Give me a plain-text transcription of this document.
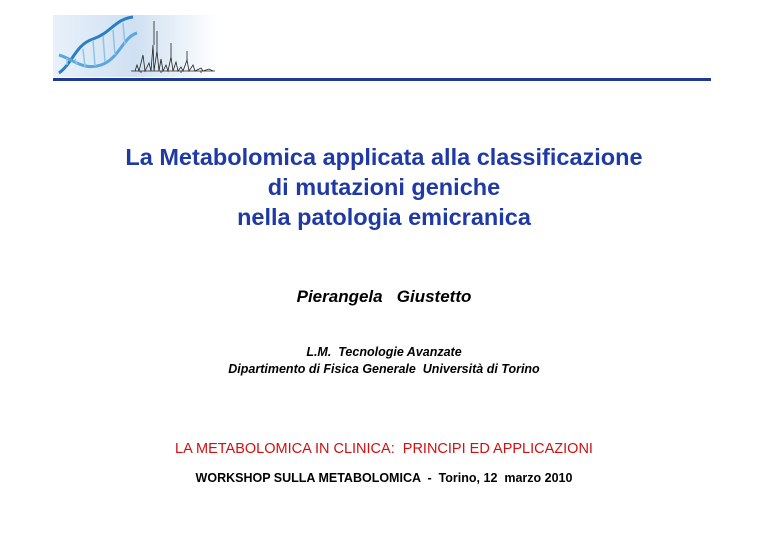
La Metabolomica applicata alla classificazione
di mutazioni geniche
nella patologia emicranica
Pierangela   Giustetto
L.M.  Tecnologie Avanzate
Dipartimento di Fisica Generale  Università di Torino
LA METABOLOMICA IN CLINICA:  PRINCIPI ED APPLICAZIONI
WORKSHOP SULLA METABOLOMICA  -  Torino, 12  marzo 2010
